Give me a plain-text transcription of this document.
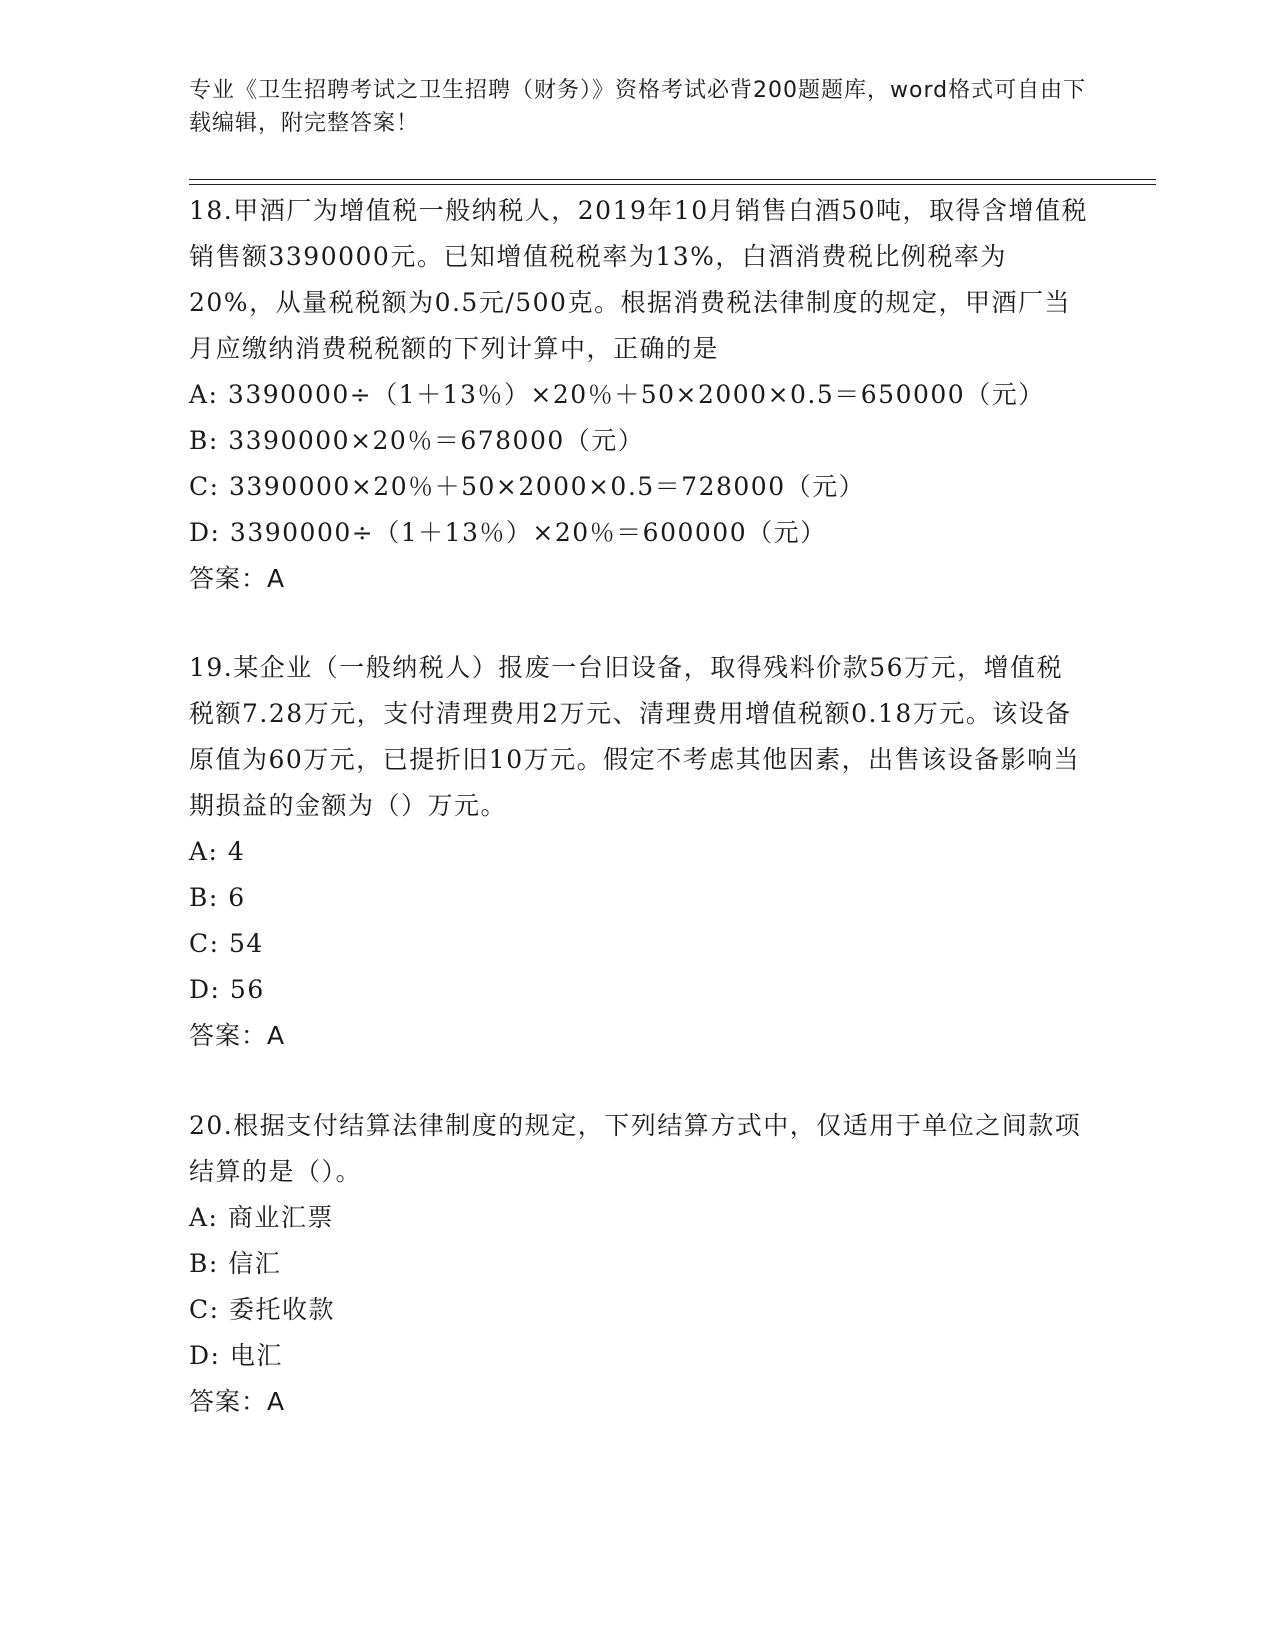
专业《卫生招聘考试之卫生招聘（财务）》资格考试必背200题题库，word格式可自由下载编辑，附完整答案！

18.甲酒厂为增值税一般纳税人，2019年10月销售白酒50吨，取得含增值税销售额3390000元。已知增值税税率为13%，白酒消费税比例税率为20%，从量税税额为0.5元/500克。根据消费税法律制度的规定，甲酒厂当月应缴纳消费税税额的下列计算中，正确的是

A: 3390000÷（1＋13％）×20％＋50×2000×0.5＝650000（元）

B: 3390000×20％＝678000（元）

C: 3390000×20％＋50×2000×0.5＝728000（元）

D: 3390000÷（1＋13％）×20％＝600000（元）

答案：A

19.某企业（一般纳税人）报废一台旧设备，取得残料价款56万元，增值税税额7.28万元，支付清理费用2万元、清理费用增值税额0.18万元。该设备原值为60万元，已提折旧10万元。假定不考虑其他因素，出售该设备影响当期损益的金额为（）万元。

A: 4

B: 6

C: 54

D: 56

答案：A

20.根据支付结算法律制度的规定，下列结算方式中，仅适用于单位之间款项结算的是（）。

A: 商业汇票

B: 信汇

C: 委托收款

D: 电汇

答案：A
